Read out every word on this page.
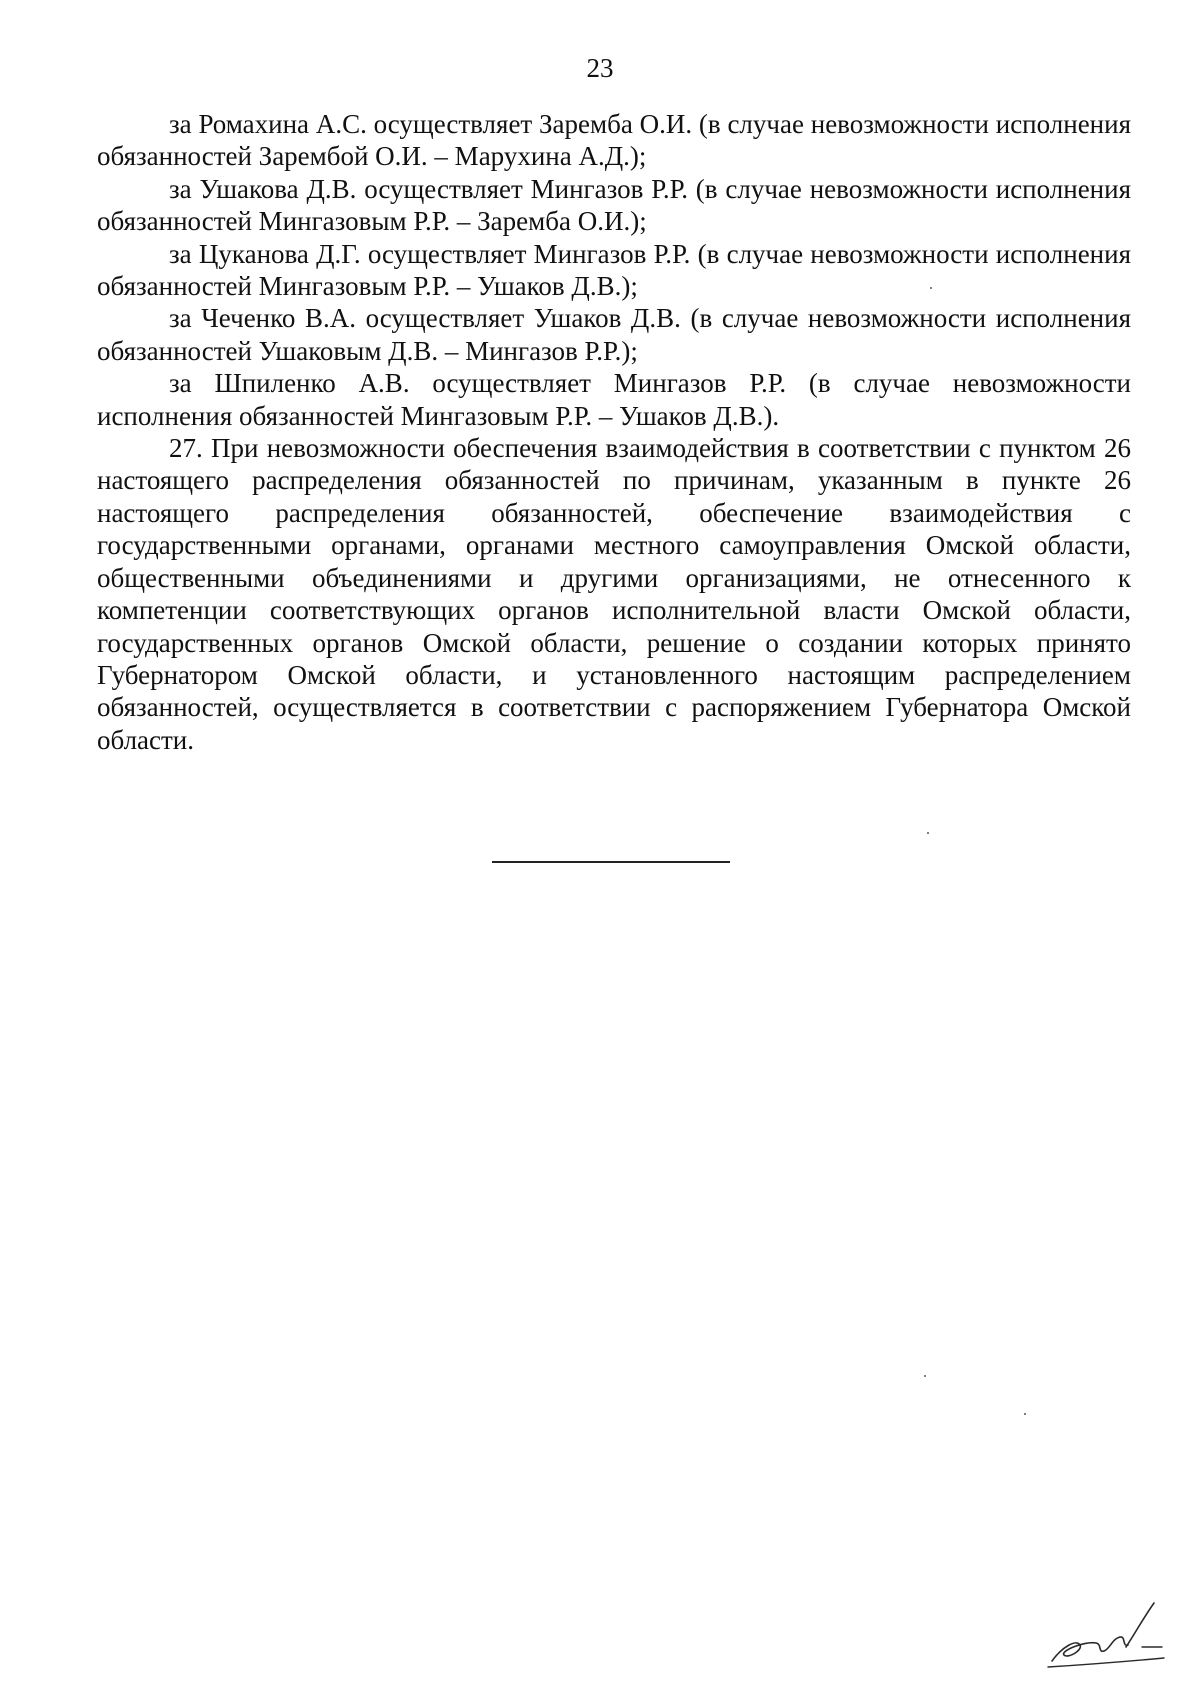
23

за Ромахина А.С. осуществляет Заремба О.И. (в случае невозможности исполнения обязанностей Зарембой О.И. – Марухина А.Д.);

за Ушакова Д.В. осуществляет Мингазов Р.Р. (в случае невозможности исполнения обязанностей Мингазовым Р.Р. – Заремба О.И.);

за Цуканова Д.Г. осуществляет Мингазов Р.Р. (в случае невозможности исполнения обязанностей Мингазовым Р.Р. – Ушаков Д.В.);

за Чеченко В.А. осуществляет Ушаков Д.В. (в случае невозможности исполнения обязанностей Ушаковым Д.В. – Мингазов Р.Р.);

за Шпиленко А.В. осуществляет Мингазов Р.Р. (в случае невозможности исполнения обязанностей Мингазовым Р.Р. – Ушаков Д.В.).

27. При невозможности обеспечения взаимодействия в соответствии с пунктом 26 настоящего распределения обязанностей по причинам, указанным в пункте 26 настоящего распределения обязанностей, обеспечение взаимодействия с государственными органами, органами местного самоуправления Омской области, общественными объединениями и другими организациями, не отнесенного к компетенции соответствующих органов исполнительной власти Омской области, государственных органов Омской области, решение о создании которых принято Губернатором Омской области, и установленного настоящим распределением обязанностей, осуществляется в соответствии с распоряжением Губернатора Омской области.
